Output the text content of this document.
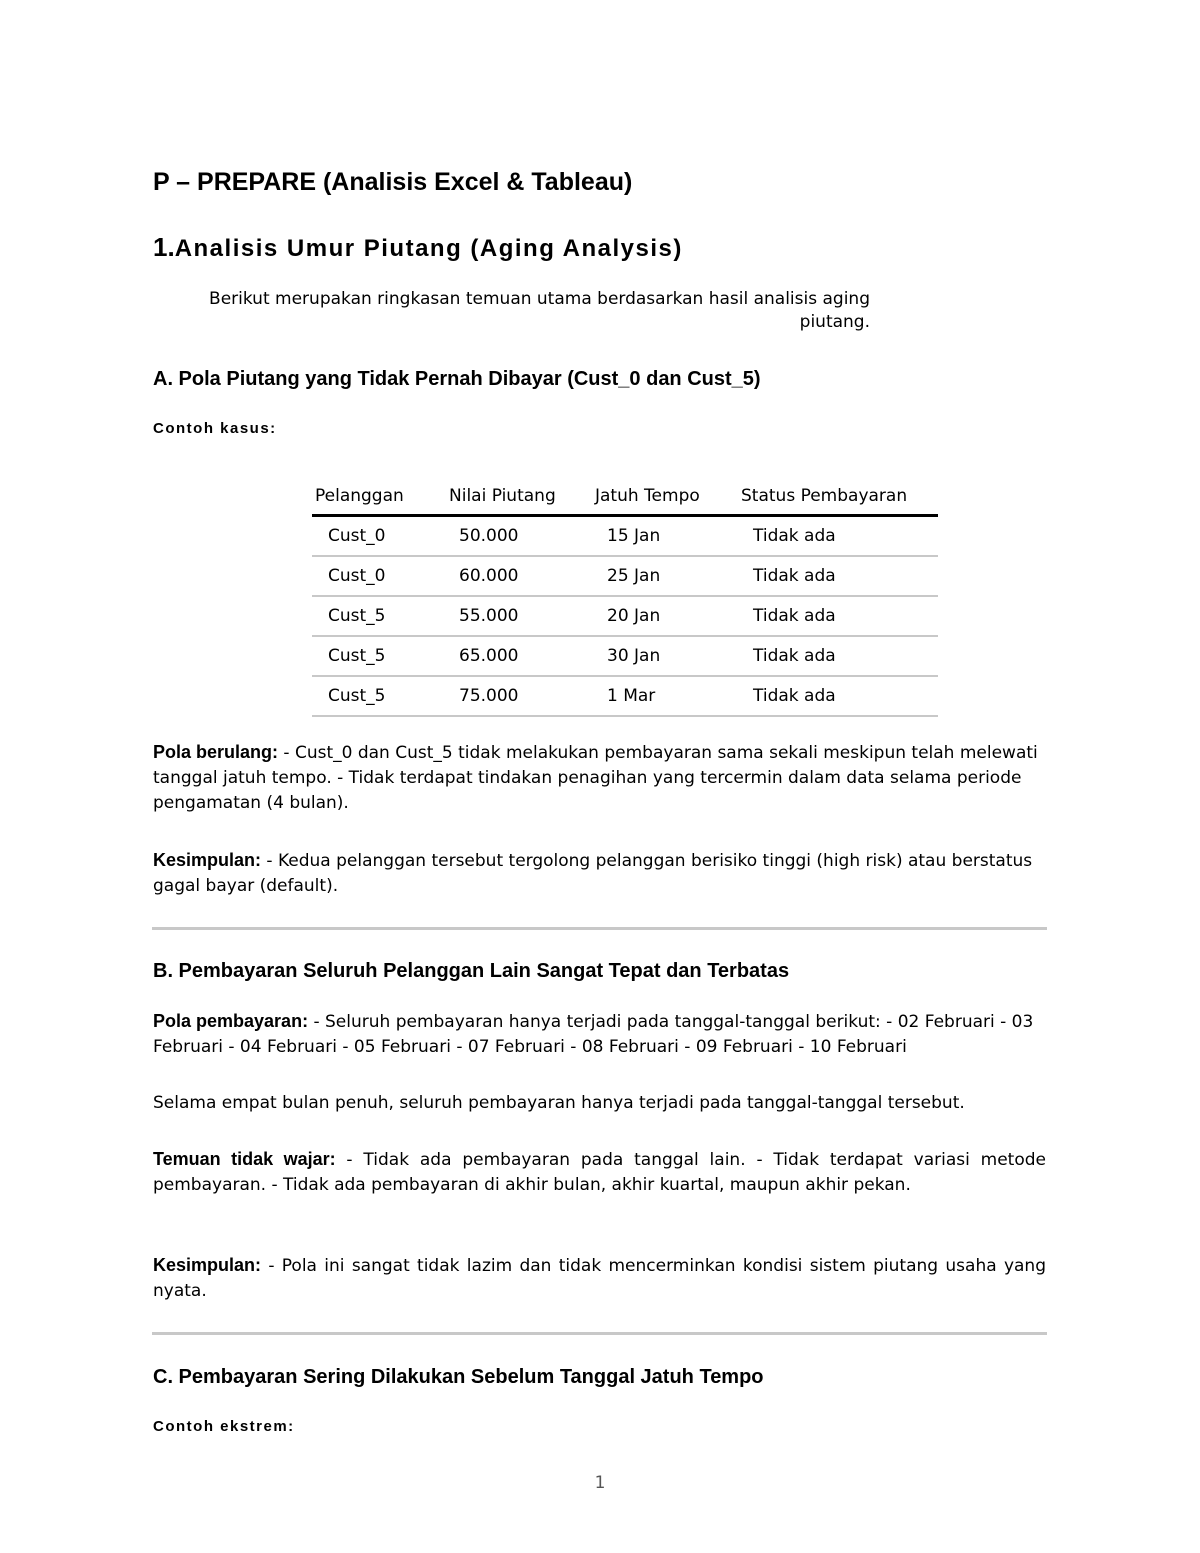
P – PREPARE (Analisis Excel & Tableau)
1.Analisis Umur Piutang (Aging Analysis)
Berikut merupakan ringkasan temuan utama berdasarkan hasil analisis aging piutang.
A. Pola Piutang yang Tidak Pernah Dibayar (Cust_0 dan Cust_5)
Contoh kasus:
Pelanggan	Nilai Piutang	Jatuh Tempo	Status Pembayaran
Cust_0	50.000	15 Jan	Tidak ada
Cust_0	60.000	25 Jan	Tidak ada
Cust_5	55.000	20 Jan	Tidak ada
Cust_5	65.000	30 Jan	Tidak ada
Cust_5	75.000	1 Mar	Tidak ada
Pola berulang: - Cust_0 dan Cust_5 tidak melakukan pembayaran sama sekali meskipun telah melewati tanggal jatuh tempo. - Tidak terdapat tindakan penagihan yang tercermin dalam data selama periode pengamatan (4 bulan).
Kesimpulan: - Kedua pelanggan tersebut tergolong pelanggan berisiko tinggi (high risk) atau berstatus gagal bayar (default).
B. Pembayaran Seluruh Pelanggan Lain Sangat Tepat dan Terbatas
Pola pembayaran: - Seluruh pembayaran hanya terjadi pada tanggal-tanggal berikut: - 02 Februari - 03 Februari - 04 Februari - 05 Februari - 07 Februari - 08 Februari - 09 Februari - 10 Februari
Selama empat bulan penuh, seluruh pembayaran hanya terjadi pada tanggal-tanggal tersebut.
Temuan tidak wajar: - Tidak ada pembayaran pada tanggal lain. - Tidak terdapat variasi metode pembayaran. - Tidak ada pembayaran di akhir bulan, akhir kuartal, maupun akhir pekan.
Kesimpulan: - Pola ini sangat tidak lazim dan tidak mencerminkan kondisi sistem piutang usaha yang nyata.
C. Pembayaran Sering Dilakukan Sebelum Tanggal Jatuh Tempo
Contoh ekstrem:
1
